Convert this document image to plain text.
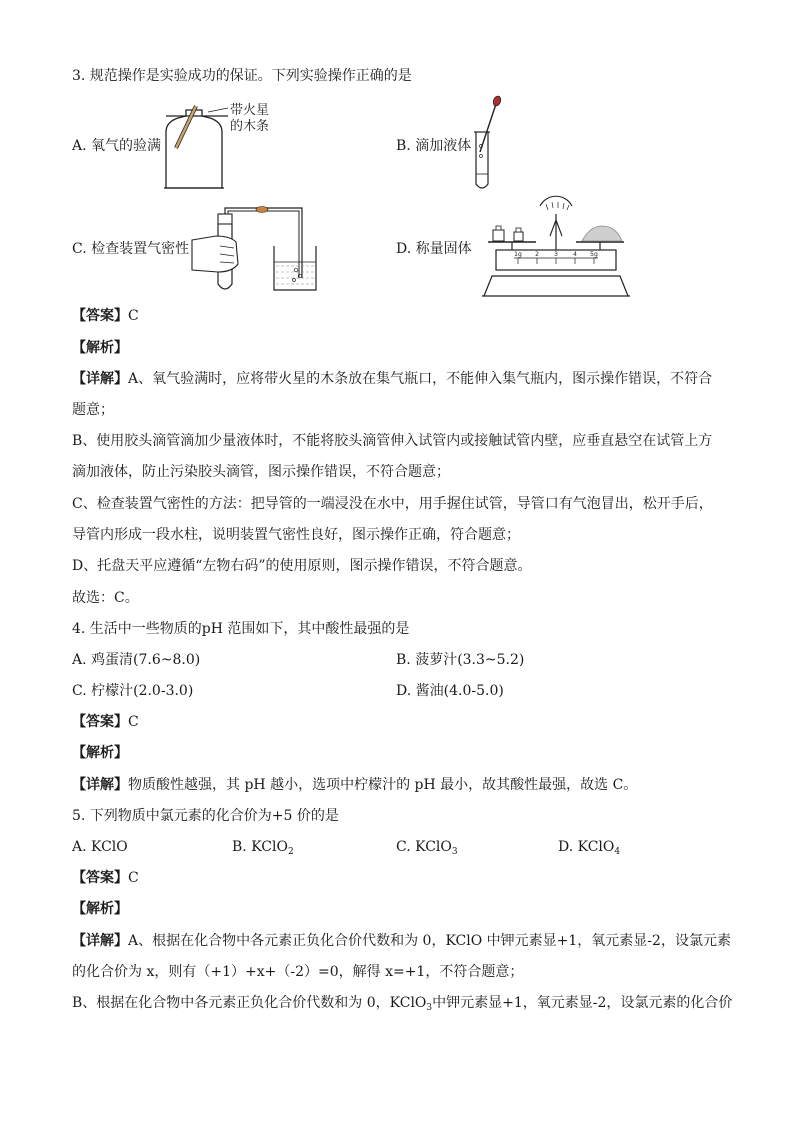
3. 规范操作是实验成功的保证。下列实验操作正确的是
A. 氧气的验满
带火星
的木条
B. 滴加液体
C. 检查装置气密性	D. 称量固体	1g 2	3	4 5g
【答案】C
【解析】
【详解】A、氧气验满时，应将带火星的木条放在集气瓶口，不能伸入集气瓶内，图示操作错误，不符合
题意；
B、使用胶头滴管滴加少量液体时，不能将胶头滴管伸入试管内或接触试管内壁，应垂直悬空在试管上方
滴加液体，防止污染胶头滴管，图示操作错误，不符合题意；
C、检查装置气密性的方法：把导管的一端浸没在水中，用手握住试管，导管口有气泡冒出，松开手后，
导管内形成一段水柱，说明装置气密性良好，图示操作正确，符合题意；
D、托盘天平应遵循“左物右码”的使用原则，图示操作错误，不符合题意。
故选：C。
4. 生活中一些物质的pH 范围如下，其中酸性最强的是
A. 鸡蛋清(7.6~8.0)	B. 菠萝汁(3.3~5.2)
C. 柠檬汁(2.0-3.0)	D. 酱油(4.0-5.0)
【答案】C
【解析】
【详解】物质酸性越强，其 pH 越小，选项中柠檬汁的 pH 最小，故其酸性最强，故选 C。
5. 下列物质中氯元素的化合价为+5 价的是
A. KClO	B. KClO$_2$	C. KClO$_3$	D. KClO$_4$
【答案】C
【解析】
【详解】A、根据在化合物中各元素正负化合价代数和为 0，KClO 中钾元素显+1，氧元素显-2，设氯元素
的化合价为 x，则有（+1）+x+（-2）=0，解得 x=+1，不符合题意；
B、根据在化合物中各元素正负化合价代数和为 0，KClO$_3$中钾元素显+1，氧元素显-2，设氯元素的化合价
